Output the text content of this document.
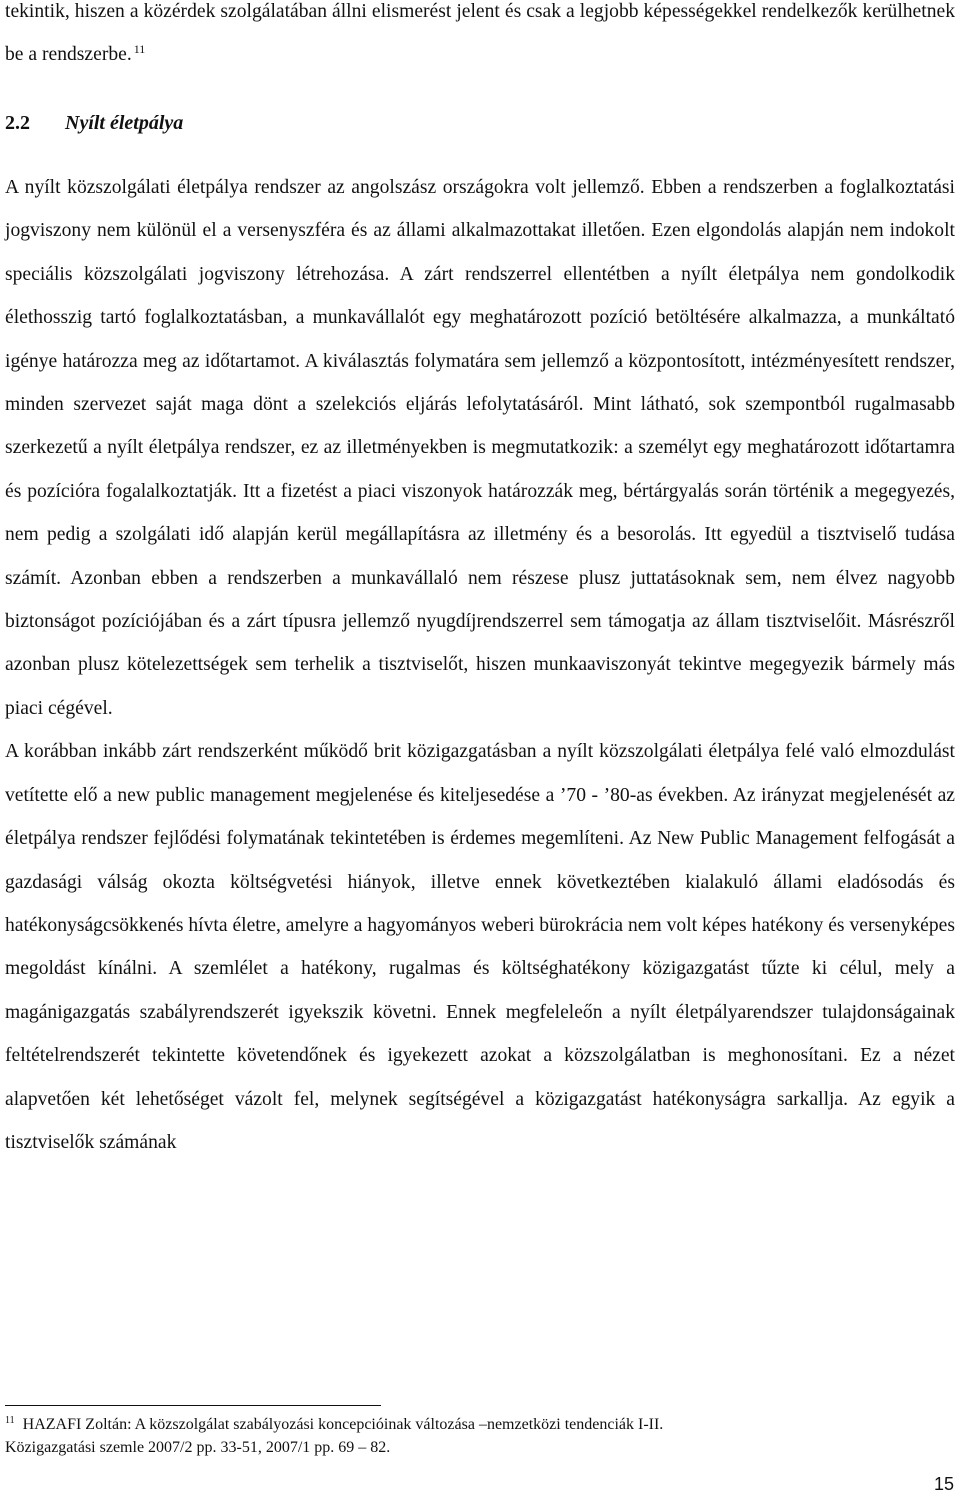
tekintik, hiszen a közérdek szolgálatában állni elismerést jelent és csak a legjobb képességekkel rendelkezők kerülhetnek be a rendszerbe. $^{11}$

2.2 Nyílt életpálya

A nyílt közszolgálati életpálya rendszer az angolszász országokra volt jellemző. Ebben a rendszerben a foglalkoztatási jogviszony nem különül el a versenyszféra és az állami alkalmazottakat illetően. Ezen elgondolás alapján nem indokolt speciális közszolgálati jogviszony létrehozása. A zárt rendszerrel ellentétben a nyílt életpálya nem gondolkodik élethosszig tartó foglalkoztatásban, a munkavállalót egy meghatározott pozíció betöltésére alkalmazza, a munkáltató igénye határozza meg az időtartamot. A kiválasztás folymatára sem jellemző a központosított, intézményesített rendszer, minden szervezet saját maga dönt a szelekciós eljárás lefolytatásáról. Mint látható, sok szempontból rugalmasabb szerkezetű a nyílt életpálya rendszer, ez az illetményekben is megmutatkozik: a személyt egy meghatározott időtartamra és pozícióra fogalalkoztatják. Itt a fizetést a piaci viszonyok határozzák meg, bértárgyalás során történik a megegyezés, nem pedig a szolgálati idő alapján kerül megállapításra az illetmény és a besorolás. Itt egyedül a tisztviselő tudása számít. Azonban ebben a rendszerben a munkavállaló nem részese plusz juttatásoknak sem, nem élvez nagyobb biztonságot pozíciójában és a zárt típusra jellemző nyugdíjrendszerrel sem támogatja az állam tisztviselőit. Másrészről azonban plusz kötelezettségek sem terhelik a tisztviselőt, hiszen munkaaviszonyát tekintve megegyezik bármely más piaci cégével.

A korábban inkább zárt rendszerként működő brit közigazgatásban a nyílt közszolgálati életpálya felé való elmozdulást vetítette elő a new public management megjelenése és kiteljesedése a ’70 - ’80-as években. Az irányzat megjelenését az életpálya rendszer fejlődési folymatának tekintetében is érdemes megemlíteni. Az New Public Management felfogását a gazdasági válság okozta költségvetési hiányok, illetve ennek következtében kialakuló állami eladósodás és hatékonyságcsökkenés hívta életre, amelyre a hagyományos weberi bürokrácia nem volt képes hatékony és versenyképes megoldást kínálni. A szemlélet a hatékony, rugalmas és költséghatékony közigazgatást tűzte ki célul, mely a magánigazgatás szabályrendszerét igyekszik követni. Ennek megfeleleőn a nyílt életpályarendszer tulajdonságainak feltételrendszerét tekintette követendőnek és igyekezett azokat a közszolgálatban is meghonosítani. Ez a nézet alapvetően két lehetőséget vázolt fel, melynek segítségével a közigazgatást hatékonyságra sarkallja. Az egyik a tisztviselők számának

$^{11}$ HAZAFI Zoltán: A közszolgálat szabályozási koncepcióinak változása –nemzetközi tendenciák I-II.

Közigazgatási szemle 2007/2 pp. 33-51, 2007/1 pp. 69 – 82.

15
